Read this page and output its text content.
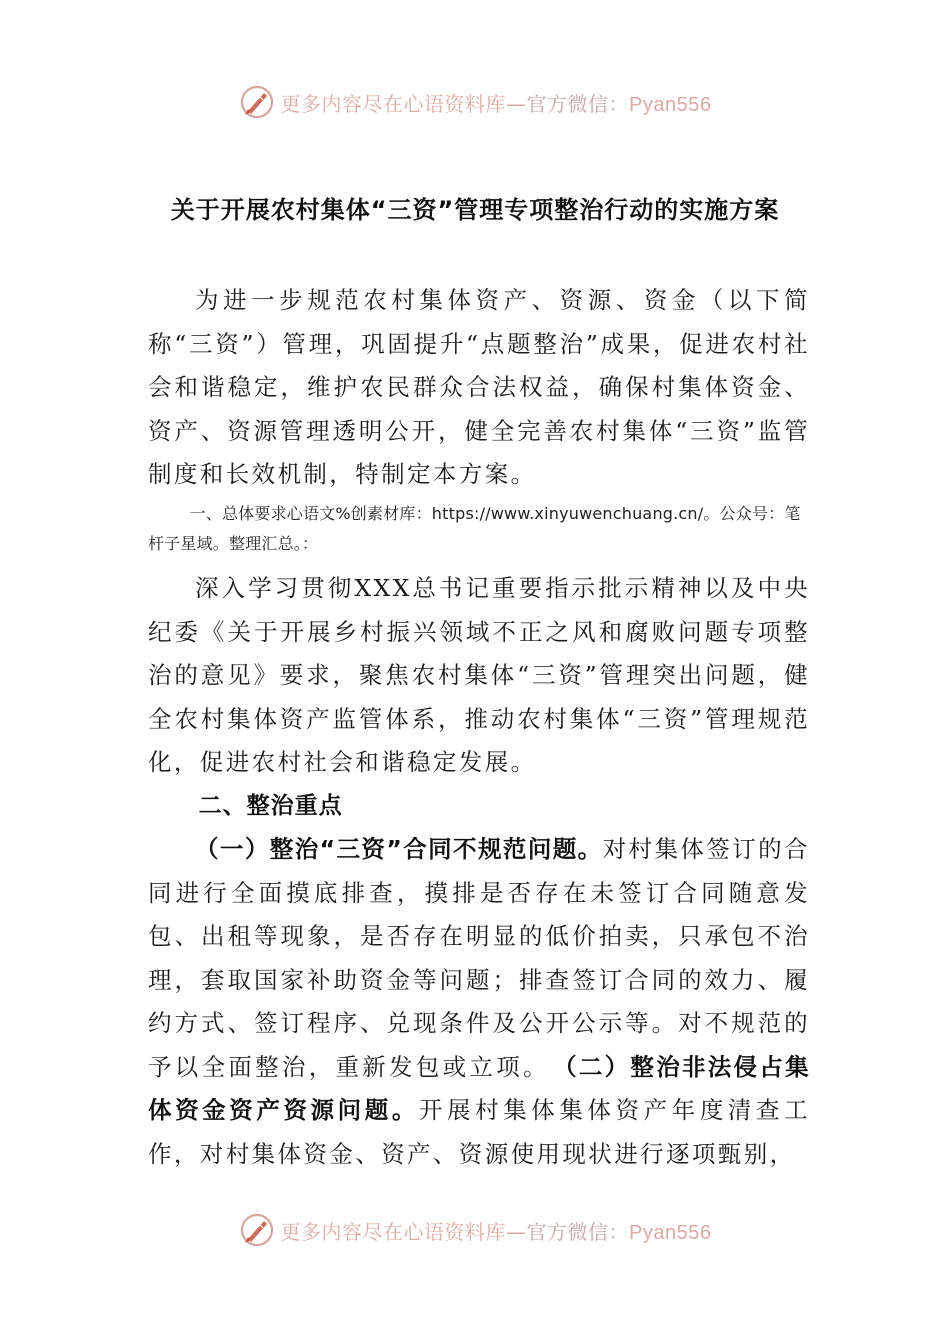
更多内容尽在心语资料库—官方微信：Pyan556
关于开展农村集体“三资”管理专项整治行动的实施方案

为进一步规范农村集体资产、资源、资金（以下简称“三资”）管理，巩固提升“点题整治”成果，促进农村社会和谐稳定，维护农民群众合法权益，确保村集体资金、资产、资源管理透明公开，健全完善农村集体“三资”监管制度和长效机制，特制定本方案。

一、总体要求心语文%创素材库：https://www.xinyuwenchuang.cn/。公众号：笔杆子星域。整理汇总。：

深入学习贯彻XXX总书记重要指示批示精神以及中央纪委《关于开展乡村振兴领域不正之风和腐败问题专项整治的意见》要求，聚焦农村集体“三资”管理突出问题，健全农村集体资产监管体系，推动农村集体“三资”管理规范化，促进农村社会和谐稳定发展。

二、整治重点

（一）整治“三资”合同不规范问题。对村集体签订的合同进行全面摸底排查，摸排是否存在未签订合同随意发包、出租等现象，是否存在明显的低价拍卖，只承包不治理，套取国家补助资金等问题；排查签订合同的效力、履约方式、签订程序、兑现条件及公开公示等。对不规范的予以全面整治，重新发包或立项。　 （二）整治非法侵占集体资金资产资源问题。开展村集体集体资产年度清查工作，对村集体资金、资产、资源使用现状进行逐项甄别，

更多内容尽在心语资料库—官方微信：Pyan556
